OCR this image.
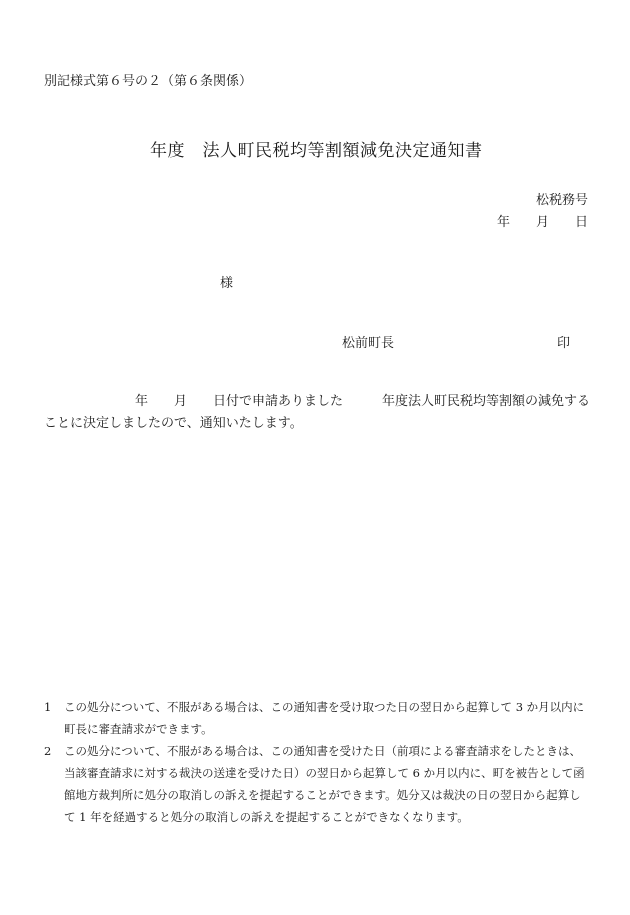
別記様式第６号の２（第６条関係）
年度　法人町民税均等割額減免決定通知書
松税務号
年　　月　　日
様
松前町長	印
　　　　　　　年　　月　　日付で申請ありました　　　年度法人町民税均等割額の減免することに決定しましたので、通知いたします。
1	この処分について、不服がある場合は、この通知書を受け取つた日の翌日から起算して 3 か月以内に町長に審査請求ができます。
2	この処分について、不服がある場合は、この通知書を受けた日（前項による審査請求をしたときは、当該審査請求に対する裁決の送達を受けた日）の翌日から起算して 6 か月以内に、町を被告として函館地方裁判所に処分の取消しの訴えを提起することができます。処分又は裁決の日の翌日から起算して 1 年を経過すると処分の取消しの訴えを提起することができなくなります。
